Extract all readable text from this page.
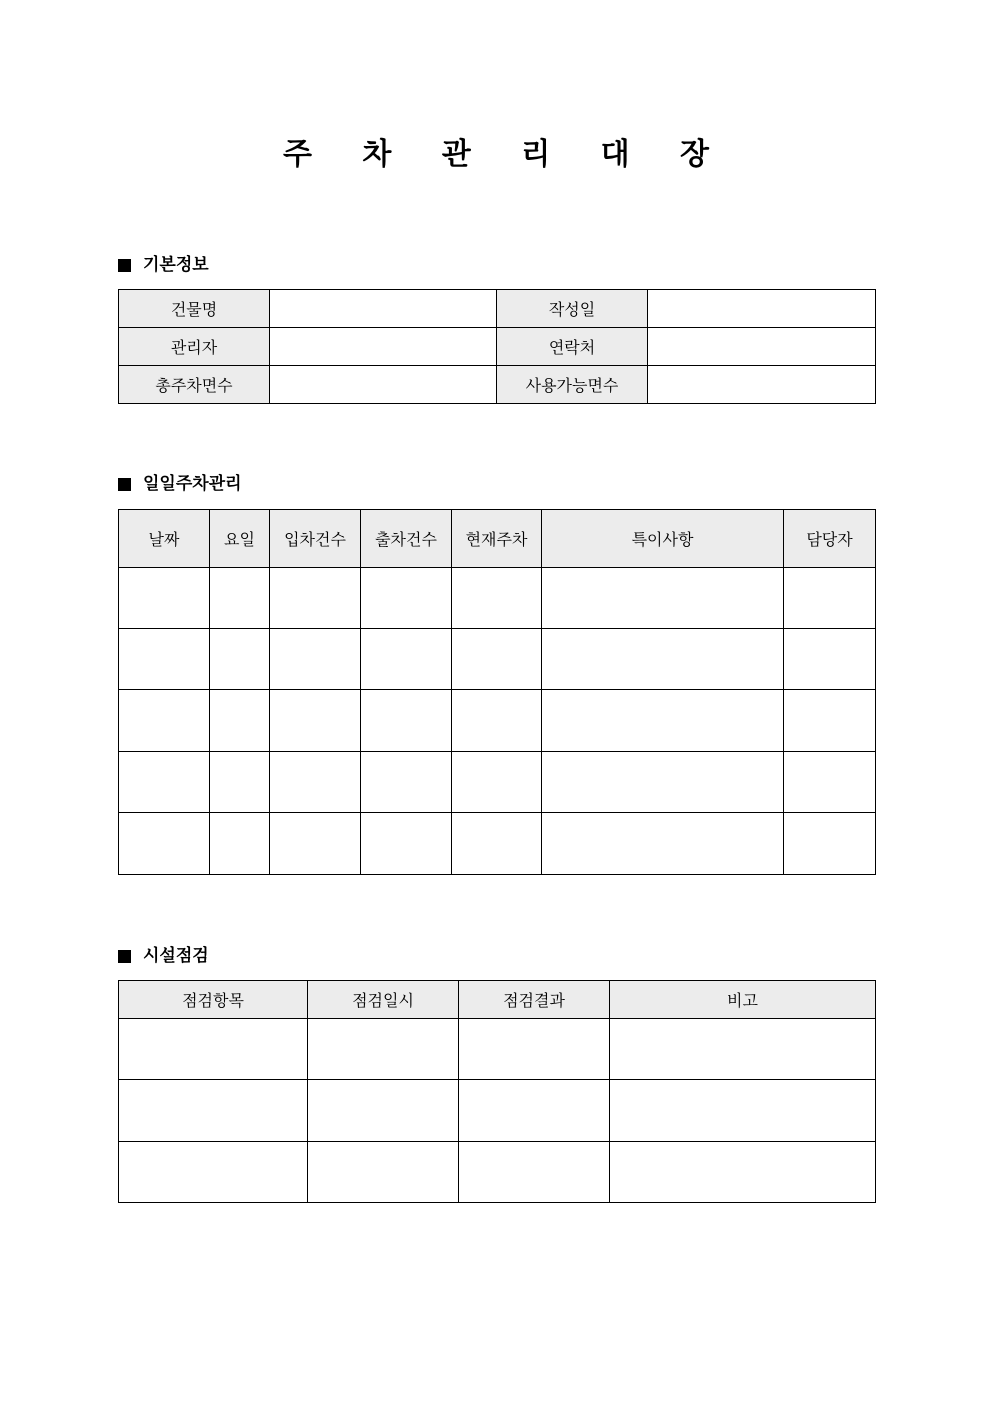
주 차 관 리 대 장
기본정보
건물명		작성일	
관리자		연락처	
총주차면수		사용가능면수	
일일주차관리
날짜	요일	입차건수	출차건수	현재주차	특이사항	담당자

시설점검
점검항목	점검일시	점검결과	비고
